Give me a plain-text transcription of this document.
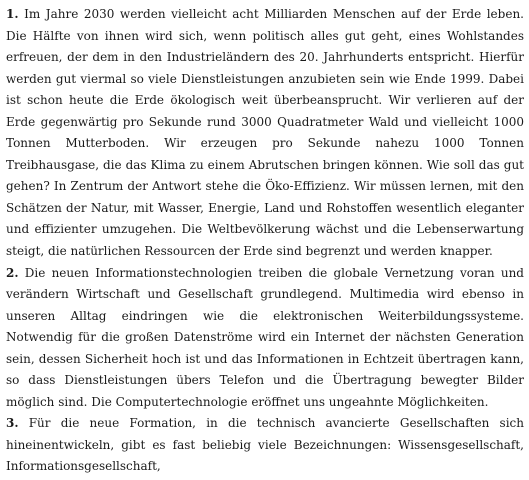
1. Im Jahre 2030 werden vielleicht acht Milliarden Menschen auf der Erde leben. Die Hälfte von ihnen wird sich, wenn politisch alles gut geht, eines Wohlstandes erfreuen, der dem in den Industrieländern des 20. Jahrhunderts entspricht. Hierfür werden gut viermal so viele Dienstleistungen anzubieten sein wie Ende 1999. Dabei ist schon heute die Erde ökologisch weit überbeansprucht. Wir verlieren auf der Erde gegenwärtig pro Sekunde rund 3000 Quadratmeter Wald und vielleicht 1000 Tonnen Mutterboden. Wir erzeugen pro Sekunde nahezu 1000 Tonnen Treibhausgase, die das Klima zu einem Abrutschen bringen können. Wie soll das gut gehen? In Zentrum der Antwort stehe die Öko-Effizienz. Wir müssen lernen, mit den Schätzen der Natur, mit Wasser, Energie, Land und Rohstoffen wesentlich eleganter und effizienter umzugehen. Die Weltbevölkerung wächst und die Lebenserwartung steigt, die natürlichen Ressourcen der Erde sind begrenzt und werden knapper.

2. Die neuen Informationstechnologien treiben die globale Vernetzung voran und verändern Wirtschaft und Gesellschaft grundlegend. Multimedia wird ebenso in unseren Alltag eindringen wie die elektronischen Weiterbildungssysteme. Notwendig für die großen Datenströme wird ein Internet der nächsten Generation sein, dessen Sicherheit hoch ist und das Informationen in Echtzeit übertragen kann, so dass Dienstleistungen übers Telefon und die Übertragung bewegter Bilder möglich sind. Die Computertechnologie eröffnet uns ungeahnte Möglichkeiten.

3. Für die neue Formation, in die technisch avancierte Gesellschaften sich hineinentwickeln, gibt es fast beliebig viele Bezeichnungen: Wissensgesellschaft, Informationsgesellschaft,
